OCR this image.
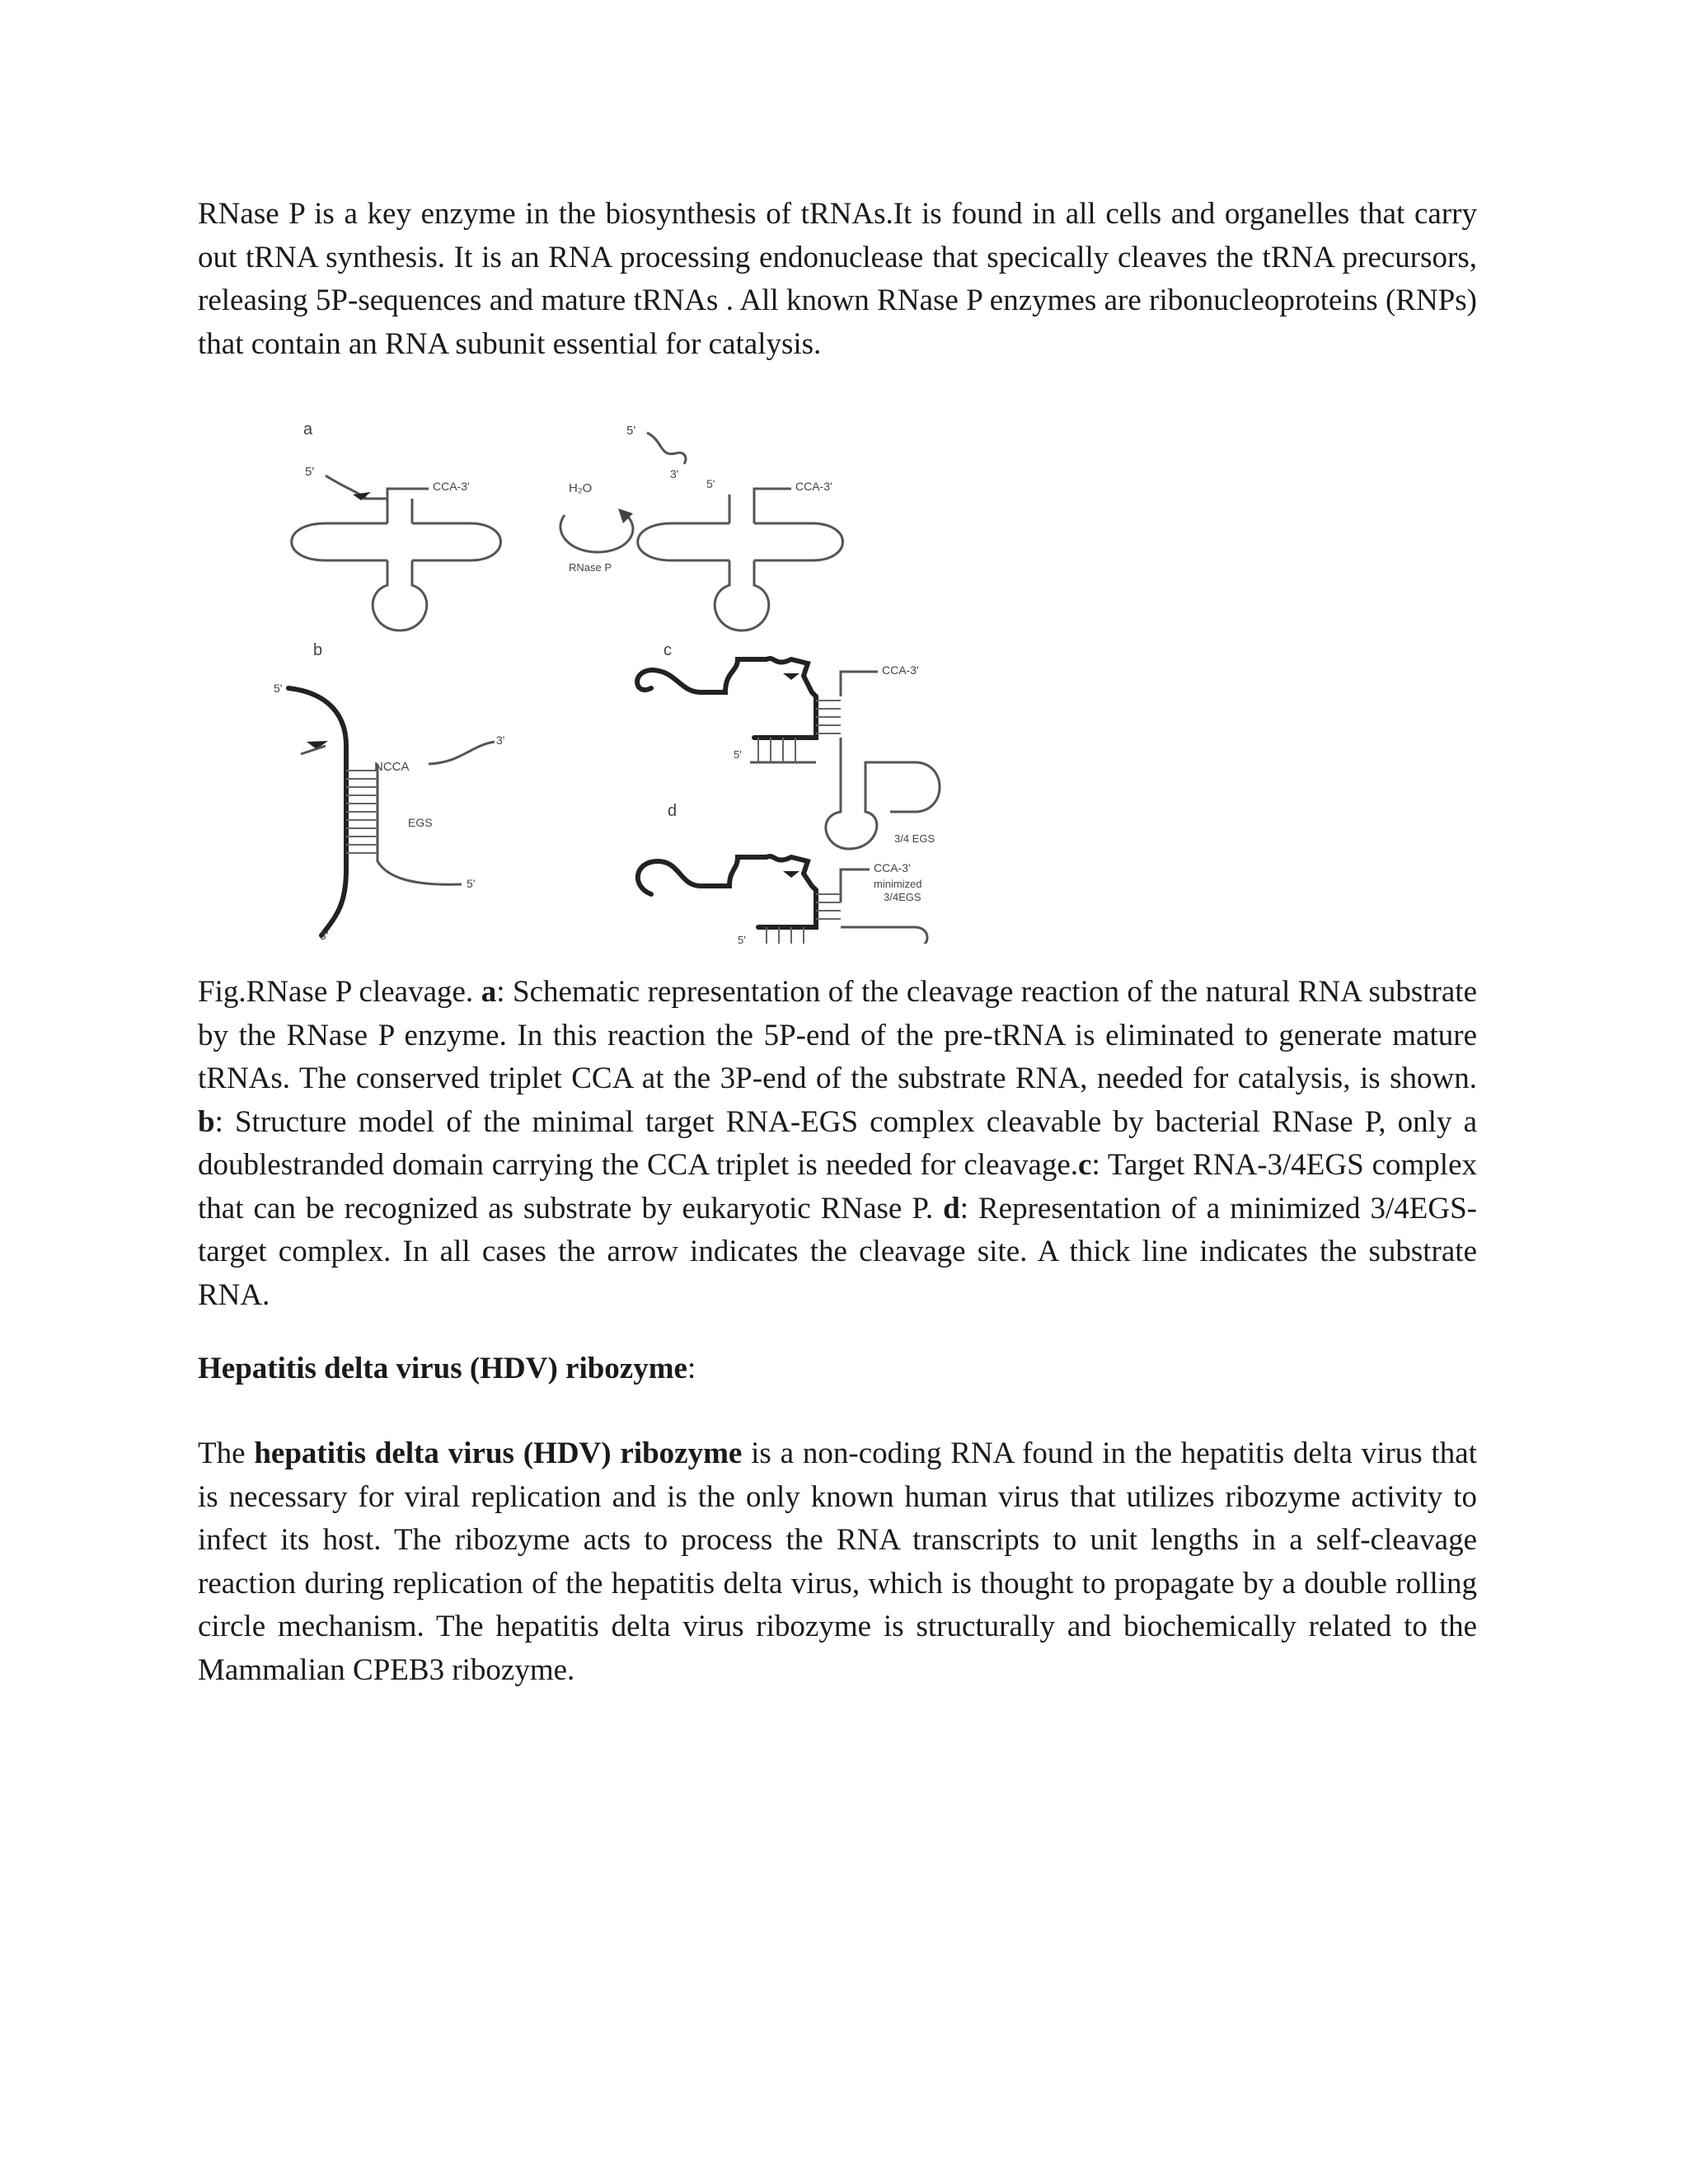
RNase P is a key enzyme in the biosynthesis of tRNAs.It is found in all cells and organelles that carry out tRNA synthesis. It is an RNA processing endonuclease that specically cleaves the tRNA precursors, releasing 5P-sequences and mature tRNAs . All known RNase P enzymes are ribonucleoproteins (RNPs) that contain an RNA subunit essential for catalysis.

a
5'
CCA-3'	H₂O
RNase P
5'
3'
5'	CCA-3'
b
5'
NCCA
3'
EGS
5'
3'
c
5'
CCA-3'
3/4 EGS
d
5'
CCA-3'
minimized
3/4EGS

Fig.RNase P cleavage. a: Schematic representation of the cleavage reaction of the natural RNA substrate by the RNase P enzyme. In this reaction the 5P-end of the pre-tRNA is eliminated to generate mature tRNAs. The conserved triplet CCA at the 3P-end of the substrate RNA, needed for catalysis, is shown. b: Structure model of the minimal target RNA-EGS complex cleavable by bacterial RNase P, only a doublestranded domain carrying the CCA triplet is needed for cleavage.c: Target RNA-3/4EGS complex that can be recognized as substrate by eukaryotic RNase P. d: Representation of a minimized 3/4EGS-target complex. In all cases the arrow indicates the cleavage site. A thick line indicates the substrate RNA.

Hepatitis delta virus (HDV) ribozyme:

The hepatitis delta virus (HDV) ribozyme is a non-coding RNA found in the hepatitis delta virus that is necessary for viral replication and is the only known human virus that utilizes ribozyme activity to infect its host. The ribozyme acts to process the RNA transcripts to unit lengths in a self-cleavage reaction during replication of the hepatitis delta virus, which is thought to propagate by a double rolling circle mechanism. The hepatitis delta virus ribozyme is structurally and biochemically related to the Mammalian CPEB3 ribozyme.
